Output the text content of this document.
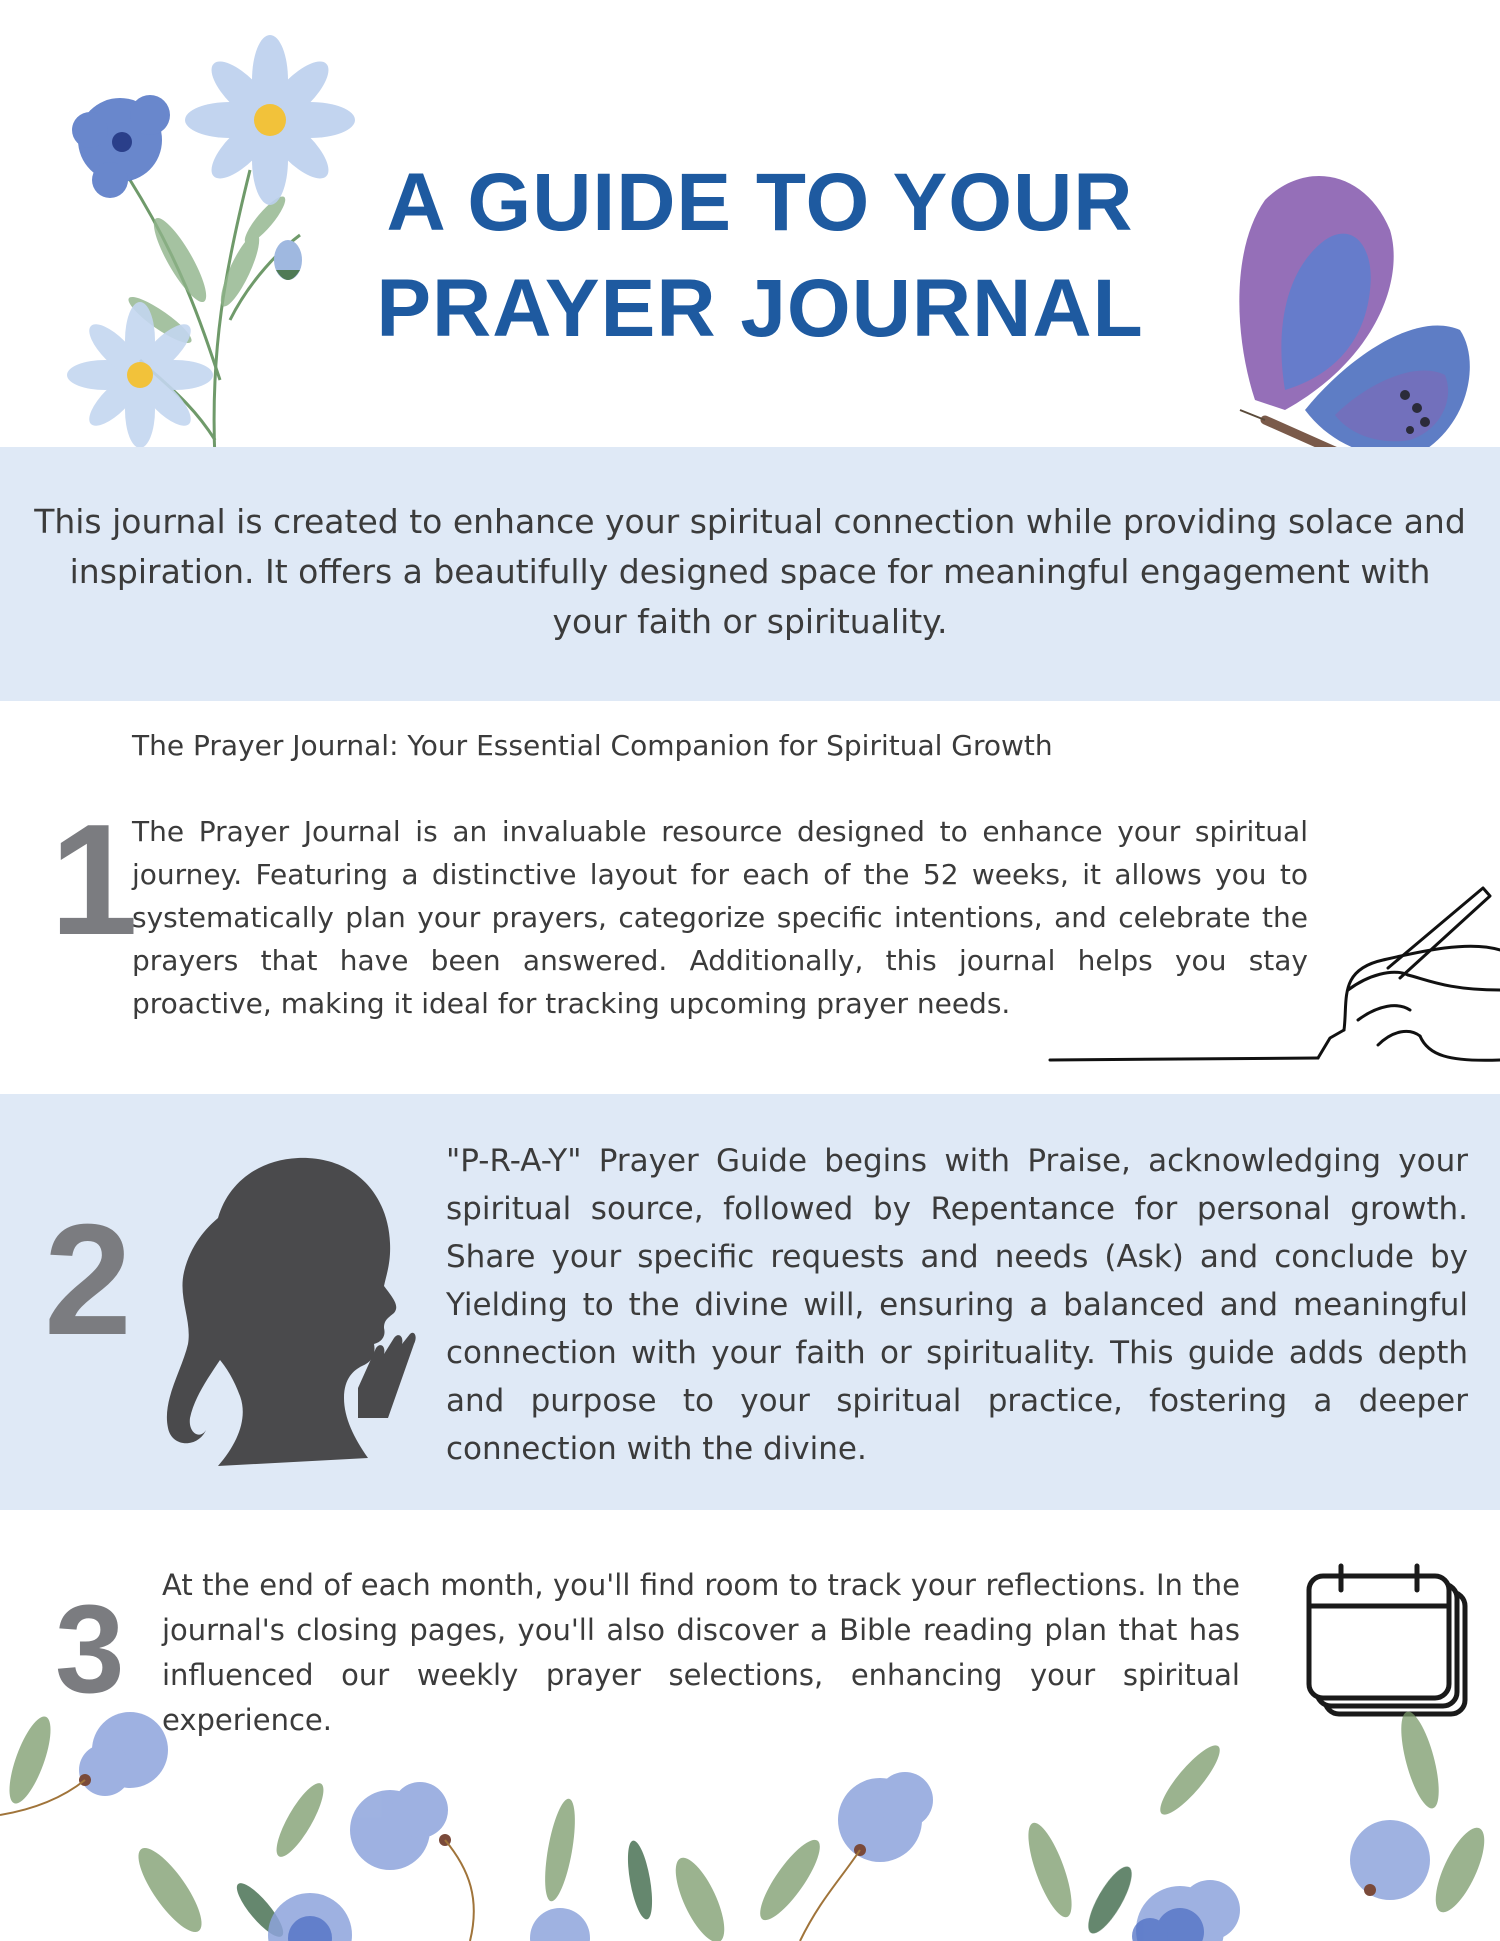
A GUIDE TO YOUR
PRAYER JOURNAL

This journal is created to enhance your spiritual connection while providing solace and inspiration. It offers a beautifully designed space for meaningful engagement with your faith or spirituality.

The Prayer Journal: Your Essential Companion for Spiritual Growth

1

The Prayer Journal is an invaluable resource designed to enhance your spiritual journey. Featuring a distinctive layout for each of the 52 weeks, it allows you to systematically plan your prayers, categorize specific intentions, and celebrate the prayers that have been answered. Additionally, this journal helps you stay proactive, making it ideal for tracking upcoming prayer needs.

2

"P-R-A-Y" Prayer Guide begins with Praise, acknowledging your spiritual source, followed by Repentance for personal growth. Share your specific requests and needs (Ask) and conclude by Yielding to the divine will, ensuring a balanced and meaningful connection with your faith or spirituality. This guide adds depth and purpose to your spiritual practice, fostering a deeper connection with the divine.

3 At the end of each month, you'll find room to track your reflections. In the journal's closing pages, you'll also discover a Bible reading plan that has influenced our weekly prayer selections, enhancing your spiritual experience.
